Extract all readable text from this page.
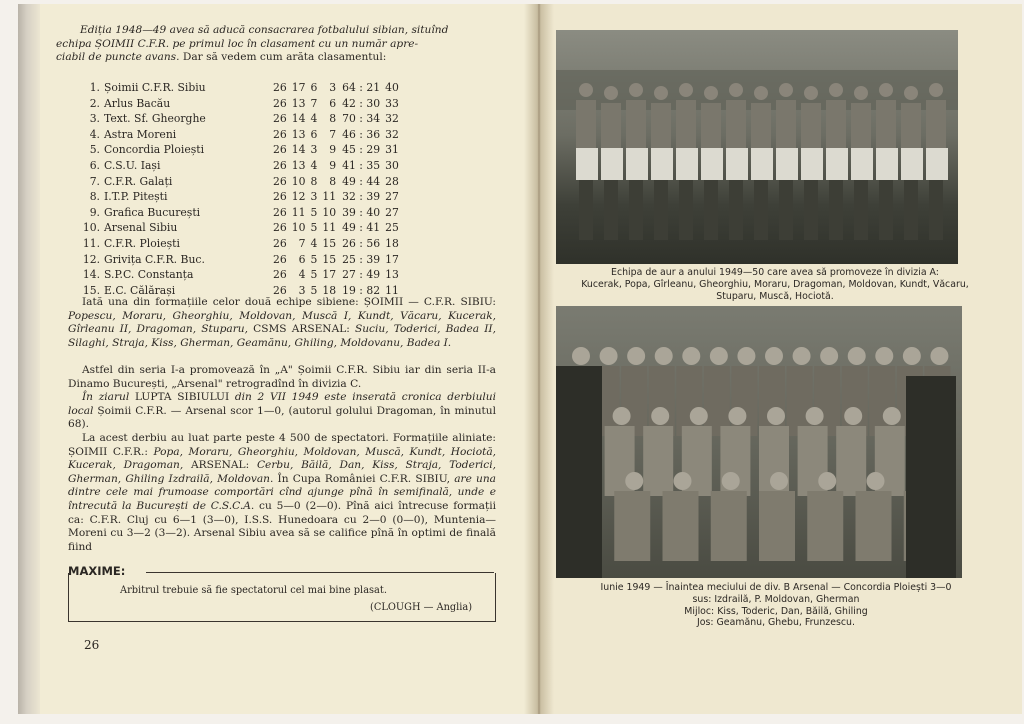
Ediția 1948—49 avea să aducă consacrarea fotbalului sibian, situînd
echipa ȘOIMII C.F.R. pe primul loc în clasament cu un număr apre-
ciabil de puncte avans. Dar să vedem cum arăta clasamentul:

1.	Șoimii C.F.R. Sibiu	26	17	6	3	64 : 21	40
2.	Arlus Bacău	26	13	7	6	42 : 30	33
3.	Text. Sf. Gheorghe	26	14	4	8	70 : 34	32
4.	Astra Moreni	26	13	6	7	46 : 36	32
5.	Concordia Ploiești	26	14	3	9	45 : 29	31
6.	C.S.U. Iași	26	13	4	9	41 : 35	30
7.	C.F.R. Galați	26	10	8	8	49 : 44	28
8.	I.T.P. Pitești	26	12	3	11	32 : 39	27
9.	Grafica București	26	11	5	10	39 : 40	27
10.	Arsenal Sibiu	26	10	5	11	49 : 41	25
11.	C.F.R. Ploiești	26	7	4	15	26 : 56	18
12.	Grivița C.F.R. Buc.	26	6	5	15	25 : 39	17
14.	S.P.C. Constanța	26	4	5	17	27 : 49	13
15.	E.C. Călărași	26	3	5	18	19 : 82	11

Iată una din formațiile celor două echipe sibiene: ȘOIMII — C.F.R. SIBIU: Popescu, Moraru, Gheorghiu, Moldovan, Muscă I, Kundt, Văcaru, Kucerak, Gîrleanu II, Dragoman, Stuparu, CSMS ARSENAL: Suciu, Toderici, Badea II, Silaghi, Straja, Kiss, Gherman, Geamănu, Ghiling, Moldovanu, Badea I.

Astfel din seria I-a promovează în „A" Șoimii C.F.R. Sibiu iar din seria II-a Dinamo București, „Arsenal" retrogradînd în divizia C.

În ziarul LUPTA SIBIULUI din 2 VII 1949 este inserată cronica derbiului local Șoimii C.F.R. — Arsenal scor 1—0, (autorul golului Dragoman, în minutul 68).

La acest derbiu au luat parte peste 4 500 de spectatori. Formațiile aliniate: ȘOIMII C.F.R.: Popa, Moraru, Gheorghiu, Moldovan, Muscă, Kundt, Hociotă, Kucerak, Dragoman, ARSENAL: Cerbu, Băilă, Dan, Kiss, Straja, Toderici, Gherman, Ghiling Izdrailă, Moldovan. În Cupa României C.F.R. SIBIU, are una dintre cele mai frumoase comportări cînd ajunge pînă în semifinală, unde e întrecută la București de C.S.C.A. cu 5—0 (2—0). Pînă aici întrecuse formații ca: C.F.R. Cluj cu 6—1 (3—0), I.S.S. Hunedoara cu 2—0 (0—0), Muntenia—Moreni cu 3—2 (3—2). Arsenal Sibiu avea să se califice pînă în optimi de finală fiind

MAXIME:
Arbitrul trebuie să fie spectatorul cel mai bine plasat.
(CLOUGH — Anglia)
26

Echipa de aur a anului 1949—50 care avea să promoveze în divizia A:
Kucerak, Popa, Gîrleanu, Gheorghiu, Moraru, Dragoman, Moldovan, Kundt, Văcaru,
Stuparu, Muscă, Hociotă.

Iunie 1949 — Înaintea meciului de div. B Arsenal — Concordia Ploiești 3—0
sus: Izdrailă, P. Moldovan, Gherman
Mijloc: Kiss, Toderic, Dan, Băilă, Ghiling
Jos: Geamănu, Ghebu, Frunzescu.
